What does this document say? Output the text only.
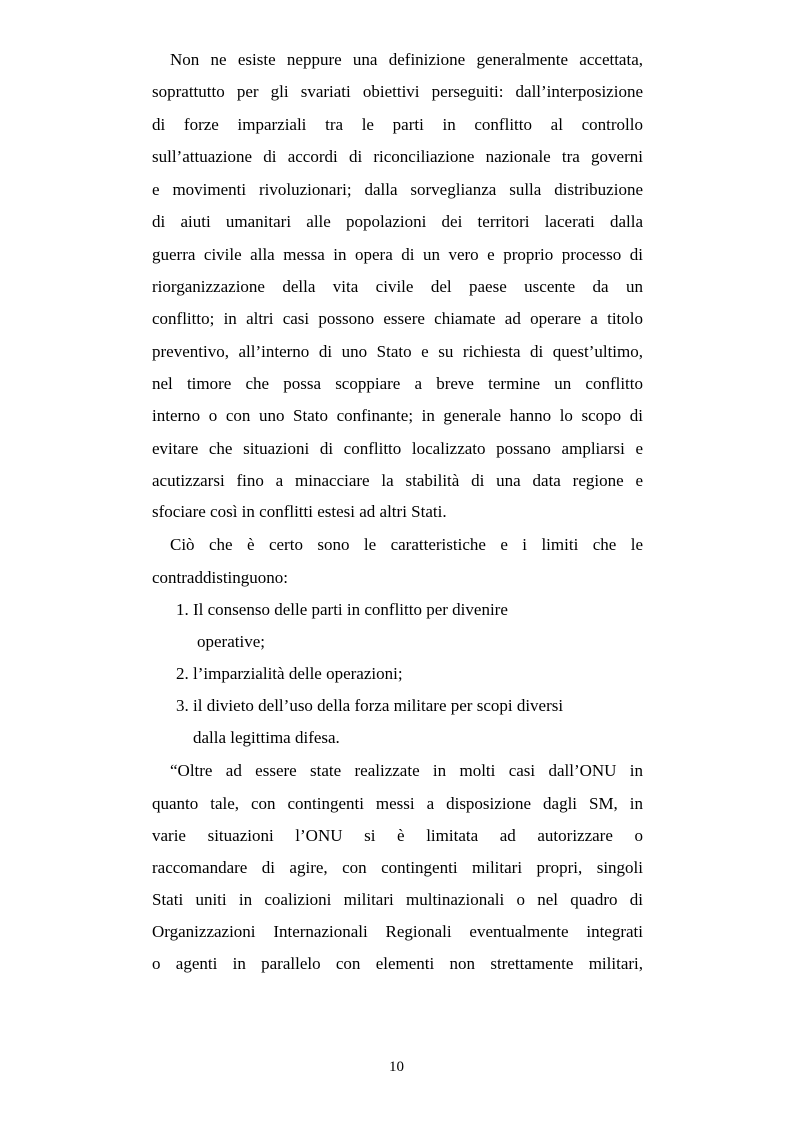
Non ne esiste neppure una definizione generalmente accettata,
soprattutto per gli svariati obiettivi perseguiti: dall’interposizione
di forze imparziali tra le parti in conflitto al controllo
sull’attuazione di accordi di riconciliazione nazionale tra governi
e movimenti rivoluzionari; dalla sorveglianza sulla distribuzione
di aiuti umanitari alle popolazioni dei territori lacerati dalla
guerra civile alla messa in opera di un vero e proprio processo di
riorganizzazione della vita civile del paese uscente da un
conflitto; in altri casi possono essere chiamate ad operare a titolo
preventivo, all’interno di uno Stato e su richiesta di quest’ultimo,
nel timore che possa scoppiare a breve termine un conflitto
interno o con uno Stato confinante; in generale hanno lo scopo di
evitare che situazioni di conflitto localizzato possano ampliarsi e
acutizzarsi fino a minacciare la stabilità di una data regione e
sfociare così in conflitti estesi ad altri Stati.
Ciò che è certo sono le caratteristiche e i limiti che le
contraddistinguono:
1. Il consenso delle parti in conflitto per divenire
operative;
2. l’imparzialità delle operazioni;
3. il divieto dell’uso della forza militare per scopi diversi
dalla legittima difesa.
“Oltre ad essere state realizzate in molti casi dall’ONU in
quanto tale, con contingenti messi a disposizione dagli SM, in
varie situazioni l’ONU si è limitata ad autorizzare o
raccomandare di agire, con contingenti militari propri, singoli
Stati uniti in coalizioni militari multinazionali o nel quadro di
Organizzazioni Internazionali Regionali eventualmente integrati
o agenti in parallelo con elementi non strettamente militari,
10
